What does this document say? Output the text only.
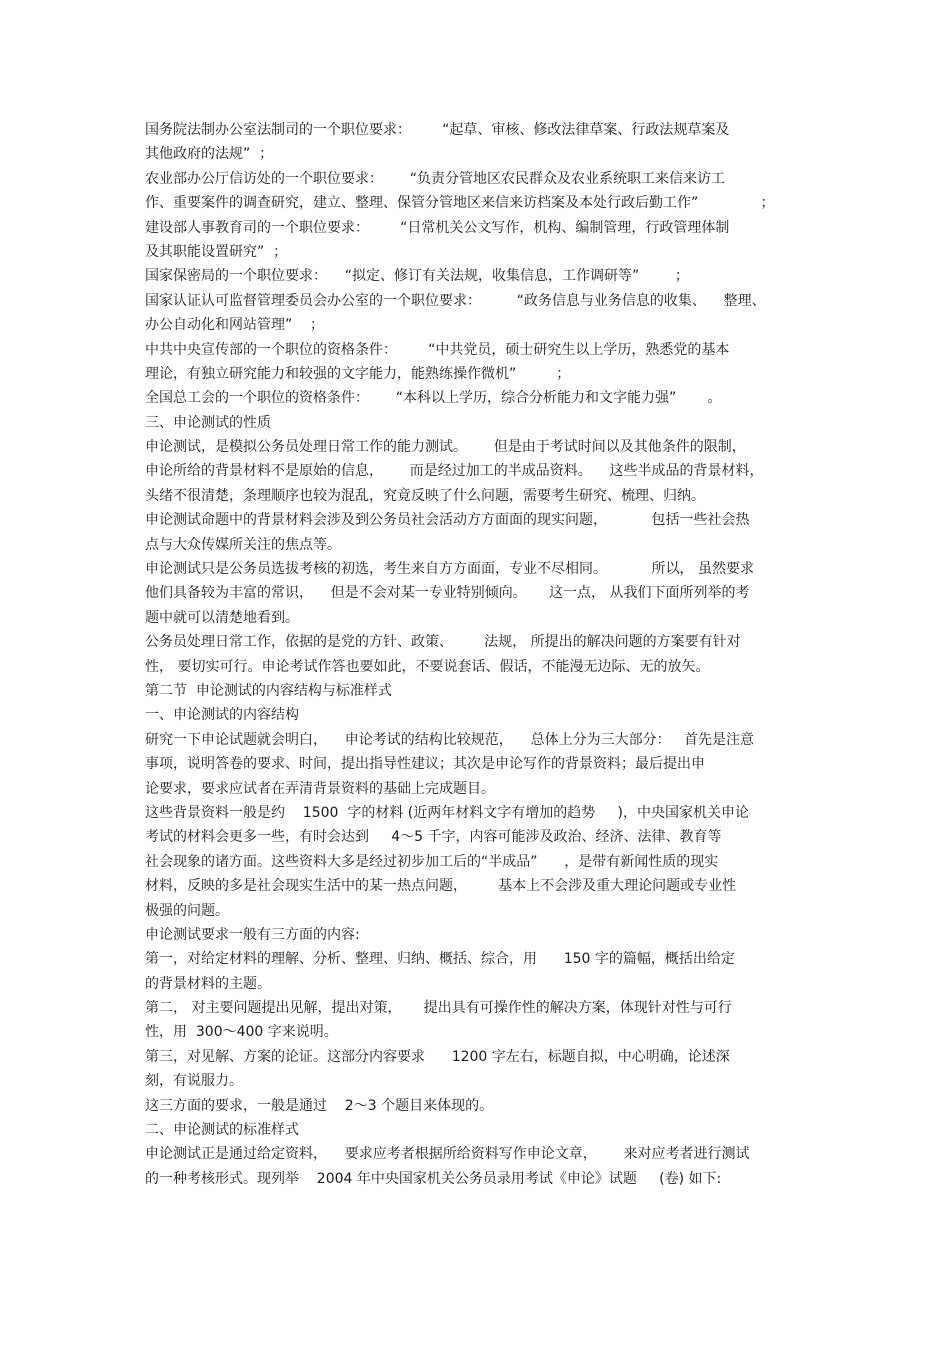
国务院法制办公室法制司的一个职位要求：       “起草、审核、修改法律草案、行政法规草案及
其他政府的法规”  ；
农业部办公厅信访处的一个职位要求：      “负责分管地区农民群众及农业系统职工来信来访工
作、重要案件的调查研究，建立、整理、保管分管地区来信来访档案及本处行政后勤工作”              ；
建设部人事教育司的一个职位要求：       “日常机关公文写作，机构、编制管理，行政管理体制
及其职能设置研究”  ；
国家保密局的一个职位要求：    “拟定、修订有关法规，收集信息，工作调研等”        ；
国家认证认可监督管理委员会办公室的一个职位要求：        “政务信息与业务信息的收集、    整理、
办公自动化和网站管理”    ；
中共中央宣传部的一个职位的资格条件：       “中共党员，硕士研究生以上学历，熟悉党的基本
理论，有独立研究能力和较强的文字能力，能熟练操作微机”         ；
全国总工会的一个职位的资格条件：      “本科以上学历，综合分析能力和文字能力强”       。
三、申论测试的性质
申论测试，是模拟公务员处理日常工作的能力测试。      但是由于考试时间以及其他条件的限制，
申论所给的背景材料不是原始的信息，      而是经过加工的半成品资料。    这些半成品的背景材料，
头绪不很清楚，条理顺序也较为混乱，究竟反映了什么问题，需要考生研究、梳理、归纳。
申论测试命题中的背景材料会涉及到公务员社会活动方方面面的现实问题，          包括一些社会热
点与大众传媒所关注的焦点等。
申论测试只是公务员选拔考核的初选，考生来自方方面面，专业不尽相同。          所以， 虽然要求
他们具备较为丰富的常识，    但是不会对某一专业特别倾向。     这一点， 从我们下面所列举的考
题中就可以清楚地看到。
公务员处理日常工作，依据的是党的方针、政策、       法规， 所提出的解决问题的方案要有针对
性， 要切实可行。申论考试作答也要如此，不要说套话、假话，不能漫无边际、无的放矢。
第二节  申论测试的内容结构与标准样式
一、申论测试的内容结构
研究一下申论试题就会明白，    申论考试的结构比较规范，    总体上分为三大部分：   首先是注意
事项，说明答卷的要求、时间，提出指导性建议；其次是申论写作的背景资料；最后提出申
论要求，要求应试者在弄清背景资料的基础上完成题目。
这些背景资料一般是约    1500  字的材料 (近两年材料文字有增加的趋势     )，中央国家机关申论
考试的材料会更多一些，有时会达到     4～5 千字，内容可能涉及政治、经济、法律、教育等
社会现象的诸方面。这些资料大多是经过初步加工后的“半成品”      ，是带有新闻性质的现实
材料，反映的多是社会现实生活中的某一热点问题，       基本上不会涉及重大理论问题或专业性
极强的问题。
申论测试要求一般有三方面的内容:
第一，对给定材料的理解、分析、整理、归纳、概括、综合，用      150 字的篇幅，概括出给定
的背景材料的主题。
第二， 对主要问题提出见解，提出对策，     提出具有可操作性的解决方案，体现针对性与可行
性，用  300～400 字来说明。
第三，对见解、方案的论证。这部分内容要求      1200 字左右，标题自拟，中心明确，论述深
刻，有说服力。
这三方面的要求，一般是通过    2～3 个题目来体现的。
二、申论测试的标准样式
申论测试正是通过给定资料，    要求应考者根据所给资料写作申论文章，      来对应考者进行测试
的一种考核形式。现列举    2004 年中央国家机关公务员录用考试《申论》试题     (卷) 如下:
